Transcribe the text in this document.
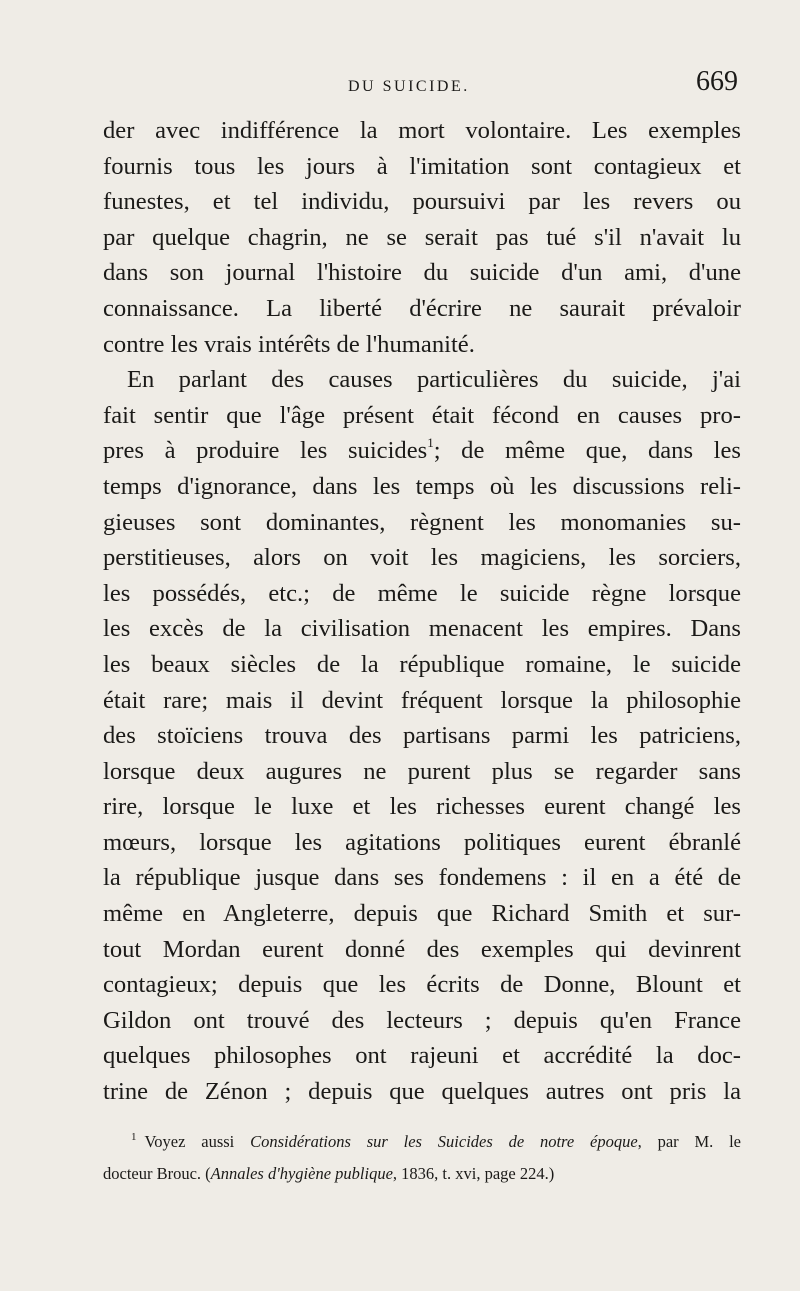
DU SUICIDE.	669
der avec indifférence la mort volontaire. Les exemples
fournis tous les jours à l'imitation sont contagieux et
funestes, et tel individu, poursuivi par les revers ou
par quelque chagrin, ne se serait pas tué s'il n'avait lu
dans son journal l'histoire du suicide d'un ami, d'une
connaissance. La liberté d'écrire ne saurait prévaloir
contre les vrais intérêts de l'humanité.
En parlant des causes particulières du suicide, j'ai
fait sentir que l'âge présent était fécond en causes pro-
pres à produire les suicides$^1$; de même que, dans les
temps d'ignorance, dans les temps où les discussions reli-
gieuses sont dominantes, règnent les monomanies su-
perstitieuses, alors on voit les magiciens, les sorciers,
les possédés, etc.; de même le suicide règne lorsque
les excès de la civilisation menacent les empires. Dans
les beaux siècles de la république romaine, le suicide
était rare; mais il devint fréquent lorsque la philosophie
des stoïciens trouva des partisans parmi les patriciens,
lorsque deux augures ne purent plus se regarder sans
rire, lorsque le luxe et les richesses eurent changé les
mœurs, lorsque les agitations politiques eurent ébranlé
la république jusque dans ses fondemens : il en a été de
même en Angleterre, depuis que Richard Smith et sur-
tout Mordan eurent donné des exemples qui devinrent
contagieux; depuis que les écrits de Donne, Blount et
Gildon ont trouvé des lecteurs ; depuis qu'en France
quelques philosophes ont rajeuni et accrédité la doc-
trine de Zénon ; depuis que quelques autres ont pris la
$^1$ Voyez aussi Considérations sur les Suicides de notre époque, par M. le
docteur Brouc. (Annales d'hygiène publique, 1836, t. xvi, page 224.)
